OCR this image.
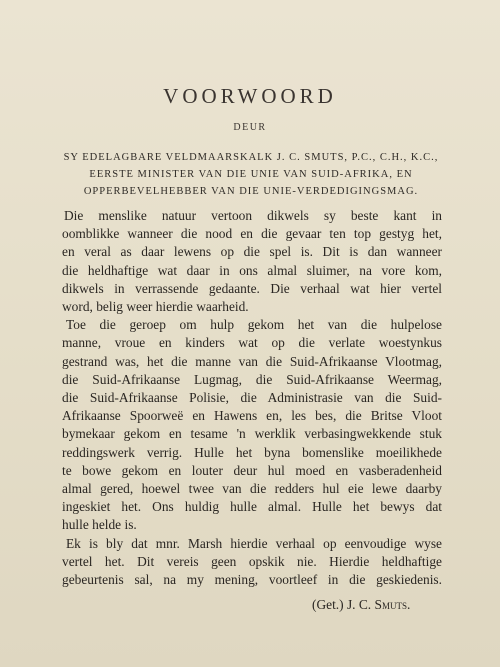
VOORWOORD
DEUR
SY EDELAGBARE VELDMAARSKALK J. C. SMUTS, P.C., C.H., K.C.,
EERSTE MINISTER VAN DIE UNIE VAN SUID-AFRIKA, EN
OPPERBEVELHEBBER VAN DIE UNIE-VERDEDIGINGSMAG.
Die menslike natuur vertoon dikwels sy beste kant in
oomblikke wanneer die nood en die gevaar ten top gestyg het,
en veral as daar lewens op die spel is. Dit is dan wanneer
die heldhaftige wat daar in ons almal sluimer, na vore kom,
dikwels in verrassende gedaante. Die verhaal wat hier vertel
word, belig weer hierdie waarheid.
Toe die geroep om hulp gekom het van die hulpelose
manne, vroue en kinders wat op die verlate woestynkus
gestrand was, het die manne van die Suid-Afrikaanse Vlootmag,
die Suid-Afrikaanse Lugmag, die Suid-Afrikaanse Weermag,
die Suid-Afrikaanse Polisie, die Administrasie van die Suid-
Afrikaanse Spoorweë en Hawens en, les bes, die Britse Vloot
bymekaar gekom en tesame 'n werklik verbasingwekkende stuk
reddingswerk verrig. Hulle het byna bomenslike moeilikhede
te bowe gekom en louter deur hul moed en vasberadenheid
almal gered, hoewel twee van die redders hul eie lewe daarby
ingeskiet het. Ons huldig hulle almal. Hulle het bewys dat
hulle helde is.
Ek is bly dat mnr. Marsh hierdie verhaal op eenvoudige wyse
vertel het. Dit vereis geen opskik nie. Hierdie heldhaftige
gebeurtenis sal, na my mening, voortleef in die geskiedenis.
(Get.) J. C. Smuts.
